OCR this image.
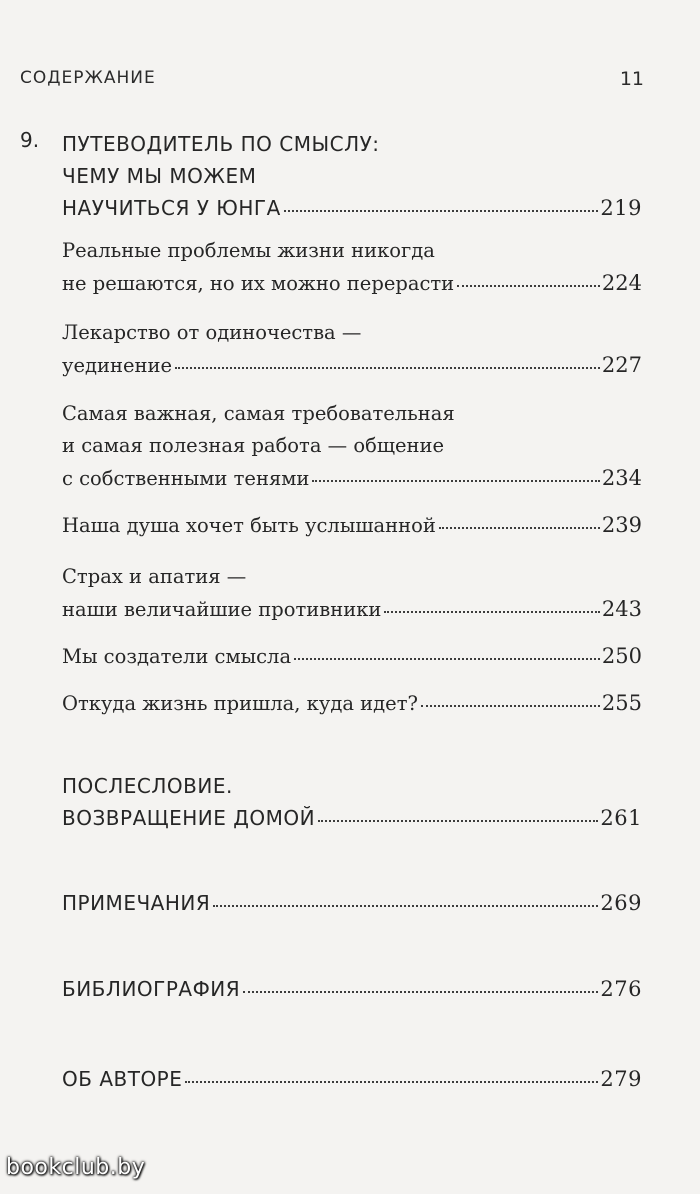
СОДЕРЖАНИЕ	11
9. ПУТЕВОДИТЕЛЬ ПО СМЫСЛУ:
ЧЕМУ МЫ МОЖЕМ
НАУЧИТЬСЯ У ЮНГА	219
Реальные проблемы жизни никогда
не решаются, но их можно перерасти	224
Лекарство от одиночества —
уединение	227
Самая важная, самая требовательная
и самая полезная работа — общение
с собственными тенями	234
Наша душа хочет быть услышанной	239
Страх и апатия —
наши величайшие противники	243
Мы создатели смысла	250
Откуда жизнь пришла, куда идет?	255
ПОСЛЕСЛОВИЕ.
ВОЗВРАЩЕНИЕ ДОМОЙ	261
ПРИМЕЧАНИЯ	269
БИБЛИОГРАФИЯ	276
ОБ АВТОРЕ	279
bookclub.by
